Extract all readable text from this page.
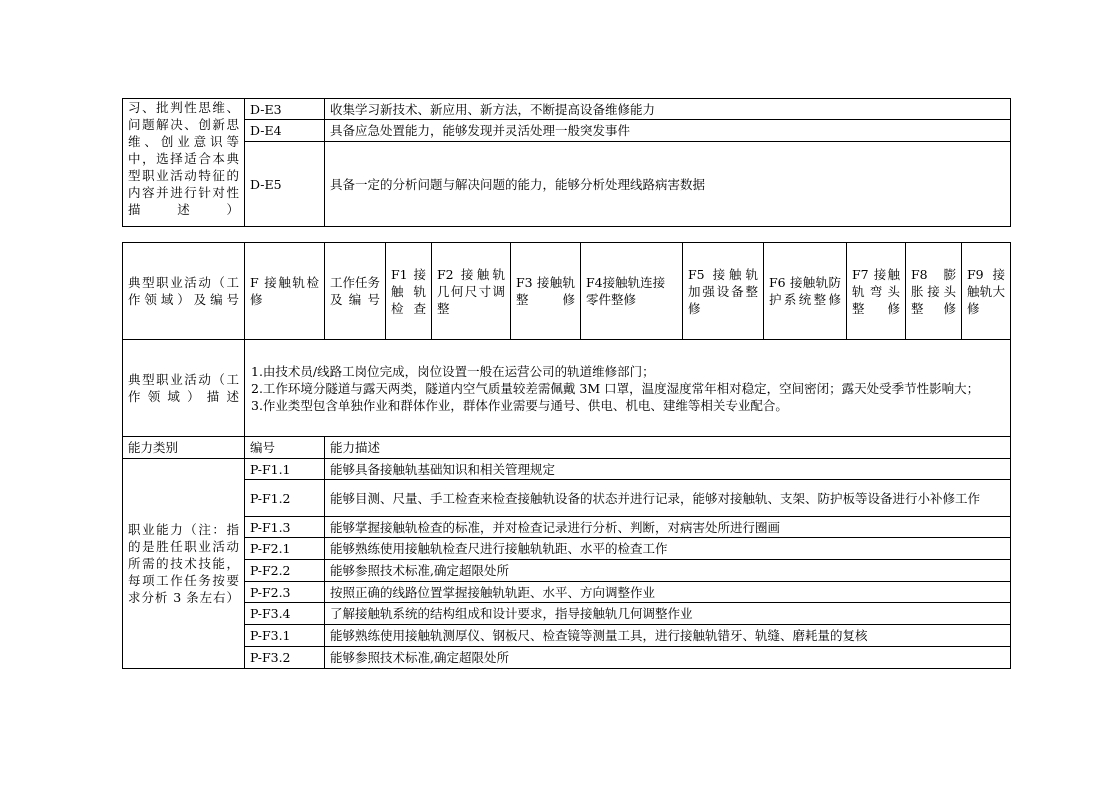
习、批判性思维、问题解决、创新思维、创业意识等中，选择适合本典型职业活动特征的内容并进行针对性描述）	D-E3	收集学习新技术、新应用、新方法，不断提高设备维修能力
	D-E4	具备应急处置能力，能够发现并灵活处理一般突发事件
	D-E5	具备一定的分析问题与解决问题的能力，能够分析处理线路病害数据
典型职业活动（工作领域）及编号	F 接触轨检修	工作任务及编号	F1 接触轨检查	F2 接触轨几何尺寸调整	F3 接触轨整修	F4接触轨连接零件整修	F5 接触轨加强设备整修	F6 接触轨防护系统整修	F7 接触轨弯头整修	F8 膨胀接头整修	F9接触轨大修
典型职业活动（工作领域）描述	1.由技术员/线路工岗位完成，岗位设置一般在运营公司的轨道维修部门；
2.工作环境分隧道与露天两类，隧道内空气质量较差需佩戴 3M 口罩，温度湿度常年相对稳定，空间密闭；露天处受季节性影响大；
3.作业类型包含单独作业和群体作业，群体作业需要与通号、供电、机电、建维等相关专业配合。										

能力类别	编号	能力描述									
职业能力（注：指的是胜任职业活动所需的技术技能，每项工作任务按要求分析 3 条左右）	P-F1.1	能够具备接触轨基础知识和相关管理规定									
	P-F1.2	能够目测、尺量、手工检查来检查接触轨设备的状态并进行记录，能够对接触轨、支架、防护板等设备进行小补修工作									
	P-F1.3	能够掌握接触轨检查的标准，并对检查记录进行分析、判断，对病害处所进行圈画									
	P-F2.1	能够熟练使用接触轨检查尺进行接触轨轨距、水平的检查工作									
	P-F2.2	能够参照技术标准,确定超限处所									
	P-F2.3	按照正确的线路位置掌握接触轨轨距、水平、方向调整作业									
	P-F3.4	了解接触轨系统的结构组成和设计要求，指导接触轨几何调整作业									
	P-F3.1	能够熟练使用接触轨测厚仪、钢板尺、检查镜等测量工具，进行接触轨错牙、轨缝、磨耗量的复核									
	P-F3.2	能够参照技术标准,确定超限处所									
